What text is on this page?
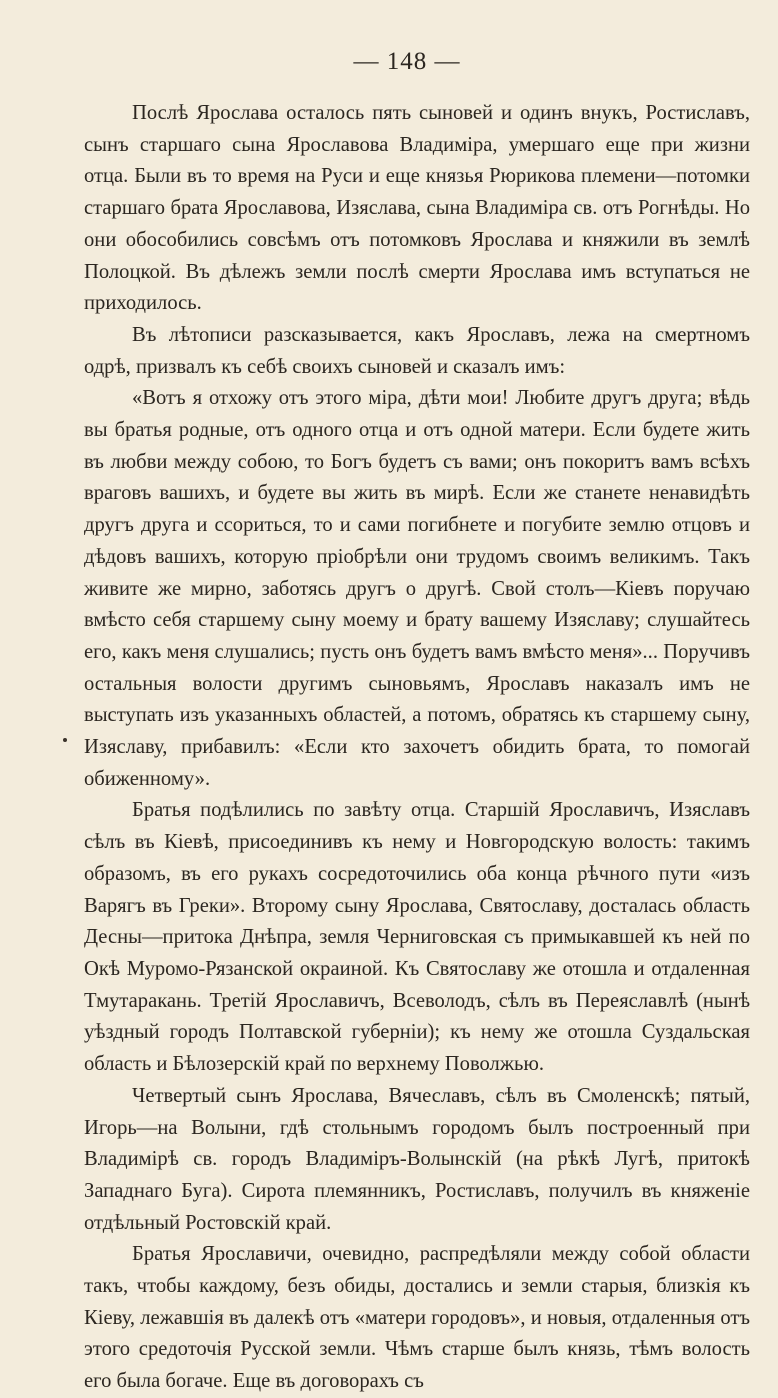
— 148 —

Послѣ Ярослава осталось пять сыновей и одинъ внукъ, Ростиславъ, сынъ старшаго сына Ярославова Владиміра, умершаго еще при жизни отца. Были въ то время на Руси и еще князья Рюрикова племени—потомки старшаго брата Ярославова, Изяслава, сына Владиміра св. отъ Рогнѣды. Но они обособились совсѣмъ отъ потомковъ Ярослава и княжили въ землѣ Полоцкой. Въ дѣлежъ земли послѣ смерти Ярослава имъ вступаться не приходилось.

Въ лѣтописи разсказывается, какъ Ярославъ, лежа на смертномъ одрѣ, призвалъ къ себѣ своихъ сыновей и сказалъ имъ:

«Вотъ я отхожу отъ этого міра, дѣти мои! Любите другъ друга; вѣдь вы братья родные, отъ одного отца и отъ одной матери. Если будете жить въ любви между собою, то Богъ будетъ съ вами; онъ покоритъ вамъ всѣхъ враговъ вашихъ, и будете вы жить въ мирѣ. Если же станете ненавидѣть другъ друга и ссориться, то и сами погибнете и погубите землю отцовъ и дѣдовъ вашихъ, которую пріобрѣли они трудомъ своимъ великимъ. Такъ живите же мирно, заботясь другъ о другѣ. Свой столъ—Кіевъ поручаю вмѣсто себя старшему сыну моему и брату вашему Изяславу; слушайтесь его, какъ меня слушались; пусть онъ будетъ вамъ вмѣсто меня»... Поручивъ остальныя волости другимъ сыновьямъ, Ярославъ наказалъ имъ не выступать изъ указанныхъ областей, а потомъ, обратясь къ старшему сыну, Изяславу, прибавилъ: «Если кто захочетъ обидить брата, то помогай обиженному».

Братья подѣлились по завѣту отца. Старшій Ярославичъ, Изяславъ сѣлъ въ Кіевѣ, присоединивъ къ нему и Новгородскую волость: такимъ образомъ, въ его рукахъ сосредоточились оба конца рѣчного пути «изъ Варягъ въ Греки». Второму сыну Ярослава, Святославу, досталась область Десны—притока Днѣпра, земля Черниговская съ примыкавшей къ ней по Окѣ Муромо-Рязанской окраиной. Къ Святославу же отошла и отдаленная Тмутаракань. Третій Ярославичъ, Всеволодъ, сѣлъ въ Переяславлѣ (нынѣ уѣздный городъ Полтавской губерніи); къ нему же отошла Суздальская область и Бѣлозерскій край по верхнему Поволжью.

Четвертый сынъ Ярослава, Вячеславъ, сѣлъ въ Смоленскѣ; пятый, Игорь—на Волыни, гдѣ стольнымъ городомъ былъ построенный при Владимірѣ св. городъ Владиміръ-Волынскій (на рѣкѣ Лугѣ, притокѣ Западнаго Буга). Сирота племянникъ, Ростиславъ, получилъ въ княженіе отдѣльный Ростовскій край.

Братья Ярославичи, очевидно, распредѣляли между собой области такъ, чтобы каждому, безъ обиды, достались и земли старыя, близкія къ Кіеву, лежавшія въ далекѣ отъ «матери городовъ», и новыя, отдаленныя отъ этого средоточія Русской земли. Чѣмъ старше былъ князь, тѣмъ волость его была богаче. Еще въ договорахъ съ
